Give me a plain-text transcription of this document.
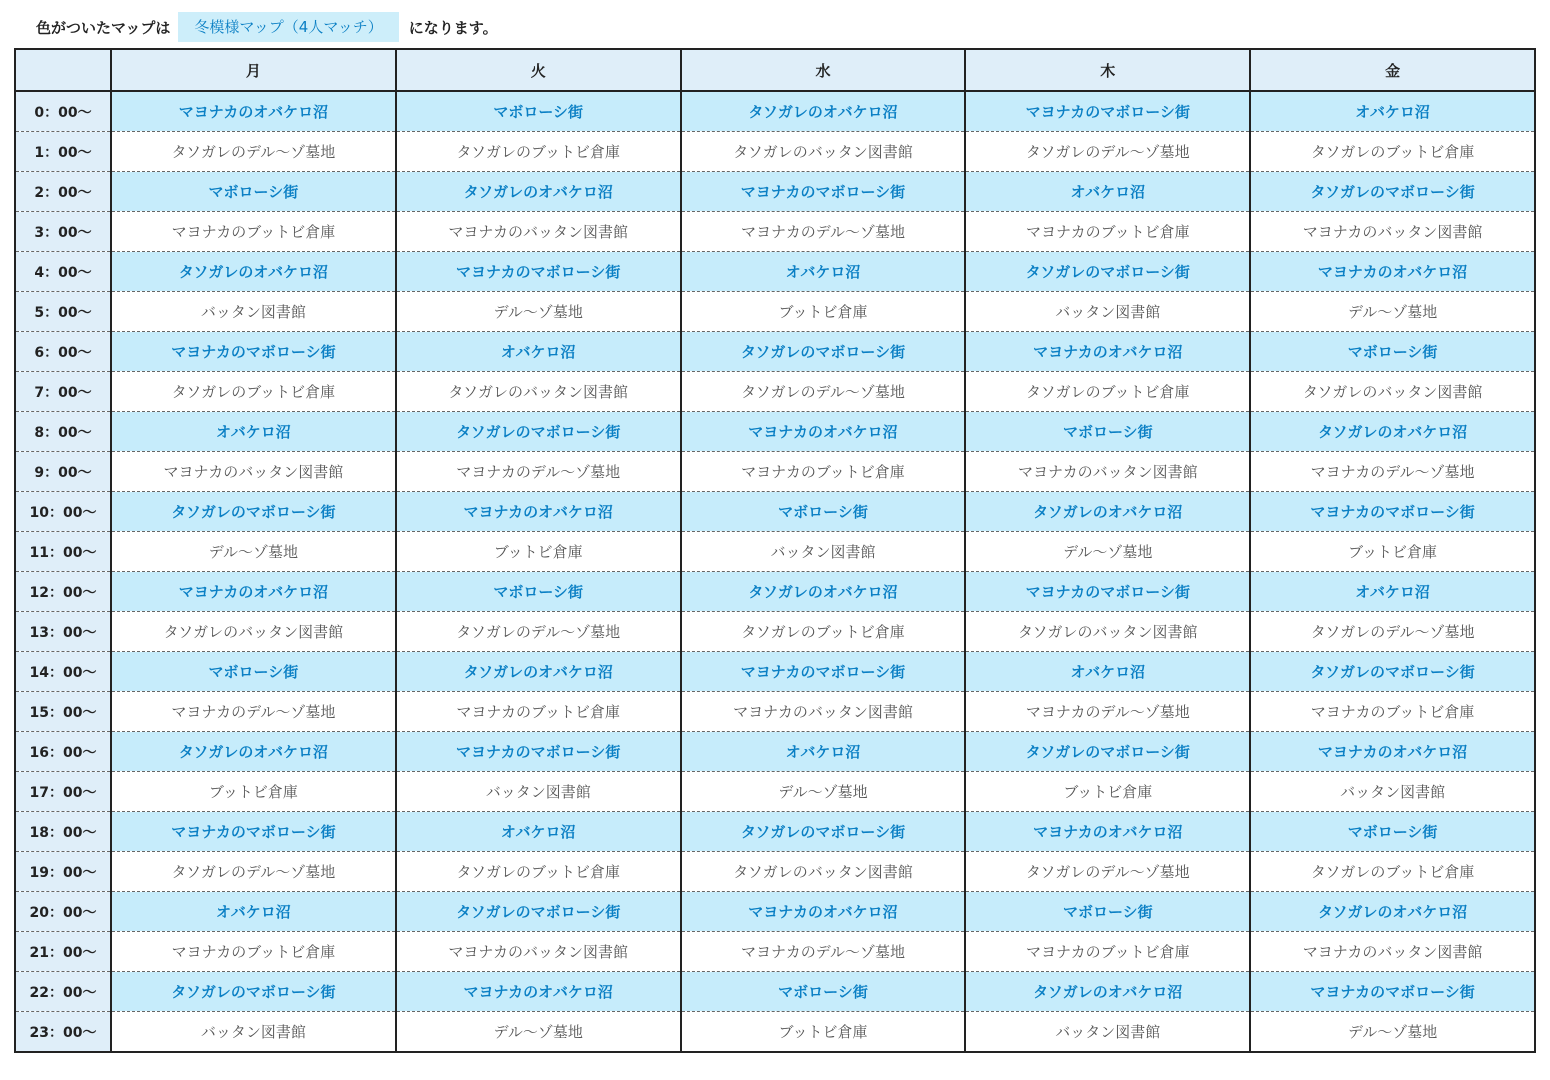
色がついたマップは	冬模様マップ（4人マッチ）	になります。
	月	火	水	木	金
0：00～	マヨナカのオバケロ沼	マボローシ街	タソガレのオバケロ沼	マヨナカのマボローシ街	オバケロ沼
1：00～	タソガレのデル～ゾ墓地	タソガレのブットビ倉庫	タソガレのバッタン図書館	タソガレのデル～ゾ墓地	タソガレのブットビ倉庫
2：00～	マボローシ街	タソガレのオバケロ沼	マヨナカのマボローシ街	オバケロ沼	タソガレのマボローシ街
3：00～	マヨナカのブットビ倉庫	マヨナカのバッタン図書館	マヨナカのデル～ゾ墓地	マヨナカのブットビ倉庫	マヨナカのバッタン図書館
4：00～	タソガレのオバケロ沼	マヨナカのマボローシ街	オバケロ沼	タソガレのマボローシ街	マヨナカのオバケロ沼
5：00～	バッタン図書館	デル～ゾ墓地	ブットビ倉庫	バッタン図書館	デル～ゾ墓地
6：00～	マヨナカのマボローシ街	オバケロ沼	タソガレのマボローシ街	マヨナカのオバケロ沼	マボローシ街
7：00～	タソガレのブットビ倉庫	タソガレのバッタン図書館	タソガレのデル～ゾ墓地	タソガレのブットビ倉庫	タソガレのバッタン図書館
8：00～	オバケロ沼	タソガレのマボローシ街	マヨナカのオバケロ沼	マボローシ街	タソガレのオバケロ沼
9：00～	マヨナカのバッタン図書館	マヨナカのデル～ゾ墓地	マヨナカのブットビ倉庫	マヨナカのバッタン図書館	マヨナカのデル～ゾ墓地
10：00～	タソガレのマボローシ街	マヨナカのオバケロ沼	マボローシ街	タソガレのオバケロ沼	マヨナカのマボローシ街
11：00～	デル～ゾ墓地	ブットビ倉庫	バッタン図書館	デル～ゾ墓地	ブットビ倉庫
12：00～	マヨナカのオバケロ沼	マボローシ街	タソガレのオバケロ沼	マヨナカのマボローシ街	オバケロ沼
13：00～	タソガレのバッタン図書館	タソガレのデル～ゾ墓地	タソガレのブットビ倉庫	タソガレのバッタン図書館	タソガレのデル～ゾ墓地
14：00～	マボローシ街	タソガレのオバケロ沼	マヨナカのマボローシ街	オバケロ沼	タソガレのマボローシ街
15：00～	マヨナカのデル～ゾ墓地	マヨナカのブットビ倉庫	マヨナカのバッタン図書館	マヨナカのデル～ゾ墓地	マヨナカのブットビ倉庫
16：00～	タソガレのオバケロ沼	マヨナカのマボローシ街	オバケロ沼	タソガレのマボローシ街	マヨナカのオバケロ沼
17：00～	ブットビ倉庫	バッタン図書館	デル～ゾ墓地	ブットビ倉庫	バッタン図書館
18：00～	マヨナカのマボローシ街	オバケロ沼	タソガレのマボローシ街	マヨナカのオバケロ沼	マボローシ街
19：00～	タソガレのデル～ゾ墓地	タソガレのブットビ倉庫	タソガレのバッタン図書館	タソガレのデル～ゾ墓地	タソガレのブットビ倉庫
20：00～	オバケロ沼	タソガレのマボローシ街	マヨナカのオバケロ沼	マボローシ街	タソガレのオバケロ沼
21：00～	マヨナカのブットビ倉庫	マヨナカのバッタン図書館	マヨナカのデル～ゾ墓地	マヨナカのブットビ倉庫	マヨナカのバッタン図書館
22：00～	タソガレのマボローシ街	マヨナカのオバケロ沼	マボローシ街	タソガレのオバケロ沼	マヨナカのマボローシ街
23：00～	バッタン図書館	デル～ゾ墓地	ブットビ倉庫	バッタン図書館	デル～ゾ墓地
